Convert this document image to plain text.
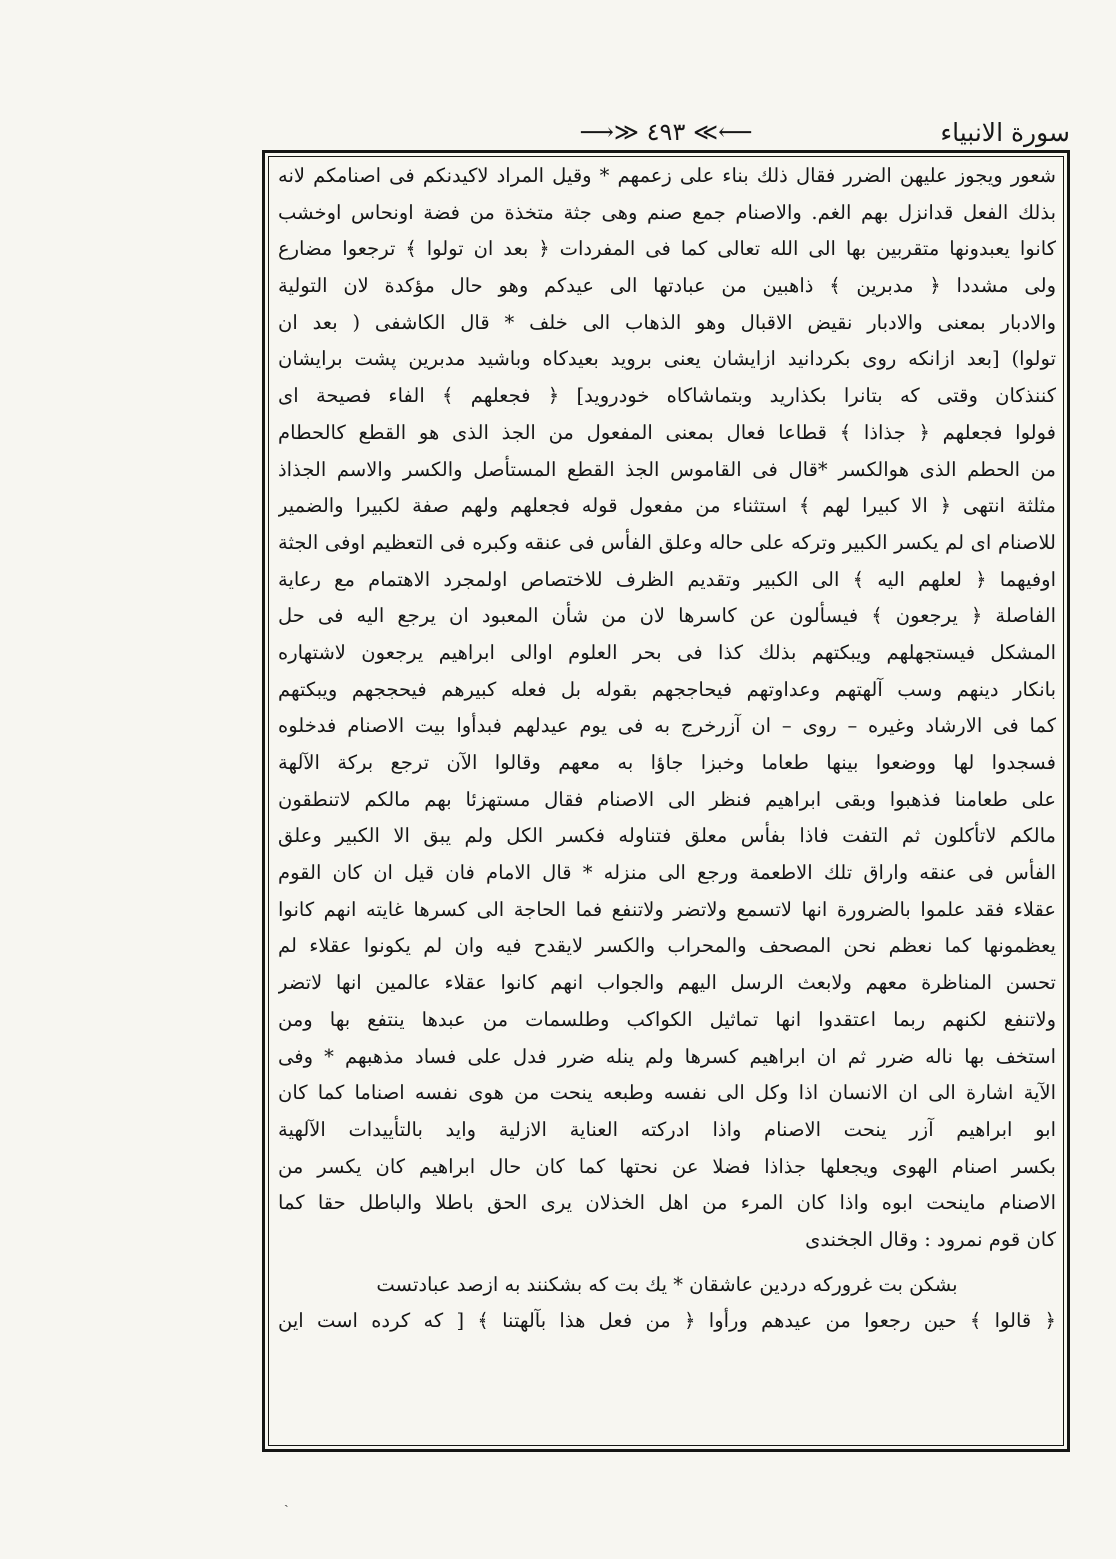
سورة الانبياء
⟶≫ ٤٩٣ ≪⟵
شعور ويجوز عليهن الضرر فقال ذلك بناء على زعمهم * وقيل المراد لاكيدنكم فى اصنامكم لانه
بذلك الفعل قدانزل بهم الغم. والاصنام جمع صنم وهى جثة متخذة من فضة اونحاس اوخشب
كانوا يعبدونها متقربين بها الى الله تعالى كما فى المفردات ﴿ بعد ان تولوا ﴾ ترجعوا مضارع
ولى مشددا ﴿ مدبرين ﴾ ذاهبين من عبادتها الى عيدكم وهو حال مؤكدة لان التولية
والادبار بمعنى والادبار نقيض الاقبال وهو الذهاب الى خلف * قال الكاشفى ( بعد ان
تولوا) [بعد ازانكه روى بكردانيد ازايشان يعنى برويد بعيدكاه وباشيد مدبرين پشت برايشان
كننذكان وقتى كه بتانرا بكذاريد وبتماشاكاه خودرويد] ﴿ فجعلهم ﴾ الفاء فصيحة اى
فولوا فجعلهم ﴿ جذاذا ﴾ قطاعا فعال بمعنى المفعول من الجذ الذى هو القطع كالحطام
من الحطم الذى هوالكسر *قال فى القاموس الجذ القطع المستأصل والكسر والاسم الجذاذ
مثلثة انتهى ﴿ الا كبيرا لهم ﴾ استثناء من مفعول قوله فجعلهم ولهم صفة لكبيرا والضمير
للاصنام اى لم يكسر الكبير وتركه على حاله وعلق الفأس فى عنقه وكبره فى التعظيم اوفى الجثة
اوفيهما ﴿ لعلهم اليه ﴾ الى الكبير وتقديم الظرف للاختصاص اولمجرد الاهتمام مع رعاية
الفاصلة ﴿ يرجعون ﴾ فيسألون عن كاسرها لان من شأن المعبود ان يرجع اليه فى حل
المشكل فيستجهلهم ويبكتهم بذلك كذا فى بحر العلوم اوالى ابراهيم يرجعون لاشتهاره
بانكار دينهم وسب آلهتهم وعداوتهم فيحاججهم بقوله بل فعله كبيرهم فيحججهم ويبكتهم
كما فى الارشاد وغيره – روى – ان آزرخرج به فى يوم عيدلهم فبدأوا بيت الاصنام فدخلوه
فسجدوا لها ووضعوا بينها طعاما وخبزا جاؤا به معهم وقالوا الآن ترجع بركة الآلهة
على طعامنا فذهبوا وبقى ابراهيم فنظر الى الاصنام فقال مستهزئا بهم مالكم لاتنطقون
مالكم لاتأكلون ثم التفت فاذا بفأس معلق فتناوله فكسر الكل ولم يبق الا الكبير وعلق
الفأس فى عنقه واراق تلك الاطعمة ورجع الى منزله * قال الامام فان قيل ان كان القوم
عقلاء فقد علموا بالضرورة انها لاتسمع ولاتضر ولاتنفع فما الحاجة الى كسرها غايته انهم كانوا
يعظمونها كما نعظم نحن المصحف والمحراب والكسر لايقدح فيه وان لم يكونوا عقلاء لم
تحسن المناظرة معهم ولابعث الرسل اليهم والجواب انهم كانوا عقلاء عالمين انها لاتضر
ولاتنفع لكنهم ربما اعتقدوا انها تماثيل الكواكب وطلسمات من عبدها ينتفع بها ومن
استخف بها ناله ضرر ثم ان ابراهيم كسرها ولم ينله ضرر فدل على فساد مذهبهم * وفى
الآية اشارة الى ان الانسان اذا وكل الى نفسه وطبعه ينحت من هوى نفسه اصناما كما كان
ابو ابراهيم آزر ينحت الاصنام واذا ادركته العناية الازلية وايد بالتأييدات الآلهية
بكسر اصنام الهوى ويجعلها جذاذا فضلا عن نحتها كما كان حال ابراهيم كان يكسر من
الاصنام ماينحت ابوه واذا كان المرء من اهل الخذلان يرى الحق باطلا والباطل حقا كما
كان قوم نمرود : وقال الجخندى
بشكن بت غروركه دردين عاشقان * يك بت كه بشكنند به ازصد عبادتست
﴿ قالوا ﴾ حين رجعوا من عيدهم ورأوا ﴿ من فعل هذا بآلهتنا ﴾ [ كه كرده است اين
ˏ
